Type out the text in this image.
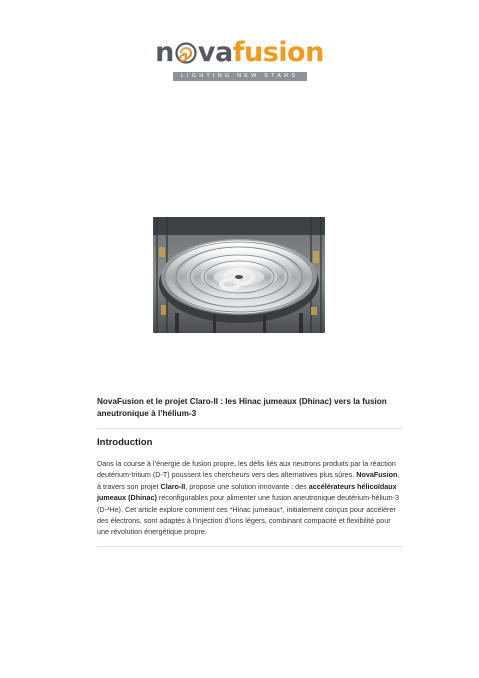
n vafusion
LIGHTING NEW STARS

NovaFusion et le projet Claro-II : les Hinac jumeaux (Dhinac) vers la fusion aneutronique à l’hélium-3

Introduction

Dans la course à l’énergie de fusion propre, les défis liés aux neutrons produits par la réaction deutérium-tritium (D-T) poussent les chercheurs vers des alternatives plus sûres. NovaFusion, à travers son projet Claro-II, propose une solution innovante : des accélérateurs hélicoïdaux jumeaux (Dhinac) reconfigurables pour alimenter une fusion aneutronique deutérium-hélium-3 (D-³He). Cet article explore comment ces *Hinac jumeaux*, initialement conçus pour accélérer des électrons, sont adaptés à l’injection d’ions légers, combinant compacité et flexibilité pour une révolution énergétique propre.
